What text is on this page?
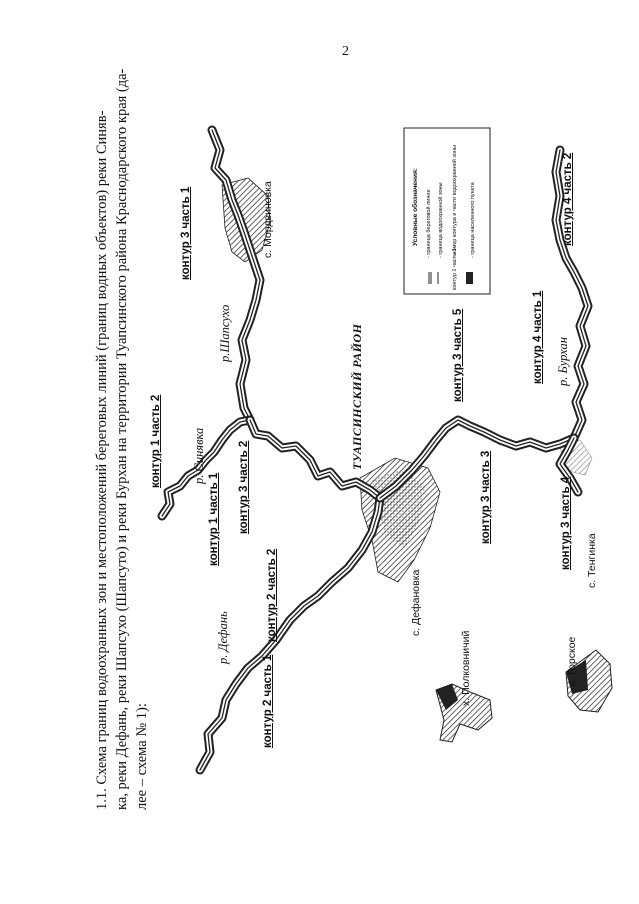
2
1.1. Схема границ водоохранных зон и местоположений береговых линий (границ водных объектов) реки Синяв- ка, реки Дефань, реки Шапсухо (Шапсуто) и реки Бурхан на территории Туапсинского района Краснодарского края (да- лее – схема № 1):
ТУАПСИНСКИЙ РАЙОН
р. Синявка
р. Дефань
р.Шапсухо	р. Бурхан
с. Мордвиновка
с. Дефановка
х. Полковничий	с. Горское
с. Тенгинка
контур 1 часть 2
контур 1 часть 1 контур 3 часть 2
контур 2 часть 2
контур 2 часть 1
контур 3 часть 1
контур 3 часть 5
контур 3 часть 3	контур 3 часть 4
контур 4 часть 1
контур 4 часть 2
Условные обозначения: - граница береговой линии - граница водоохранной зоны - номер контура и части водоохранной зоны - граница населенного пункта
контур 1 часть 1
